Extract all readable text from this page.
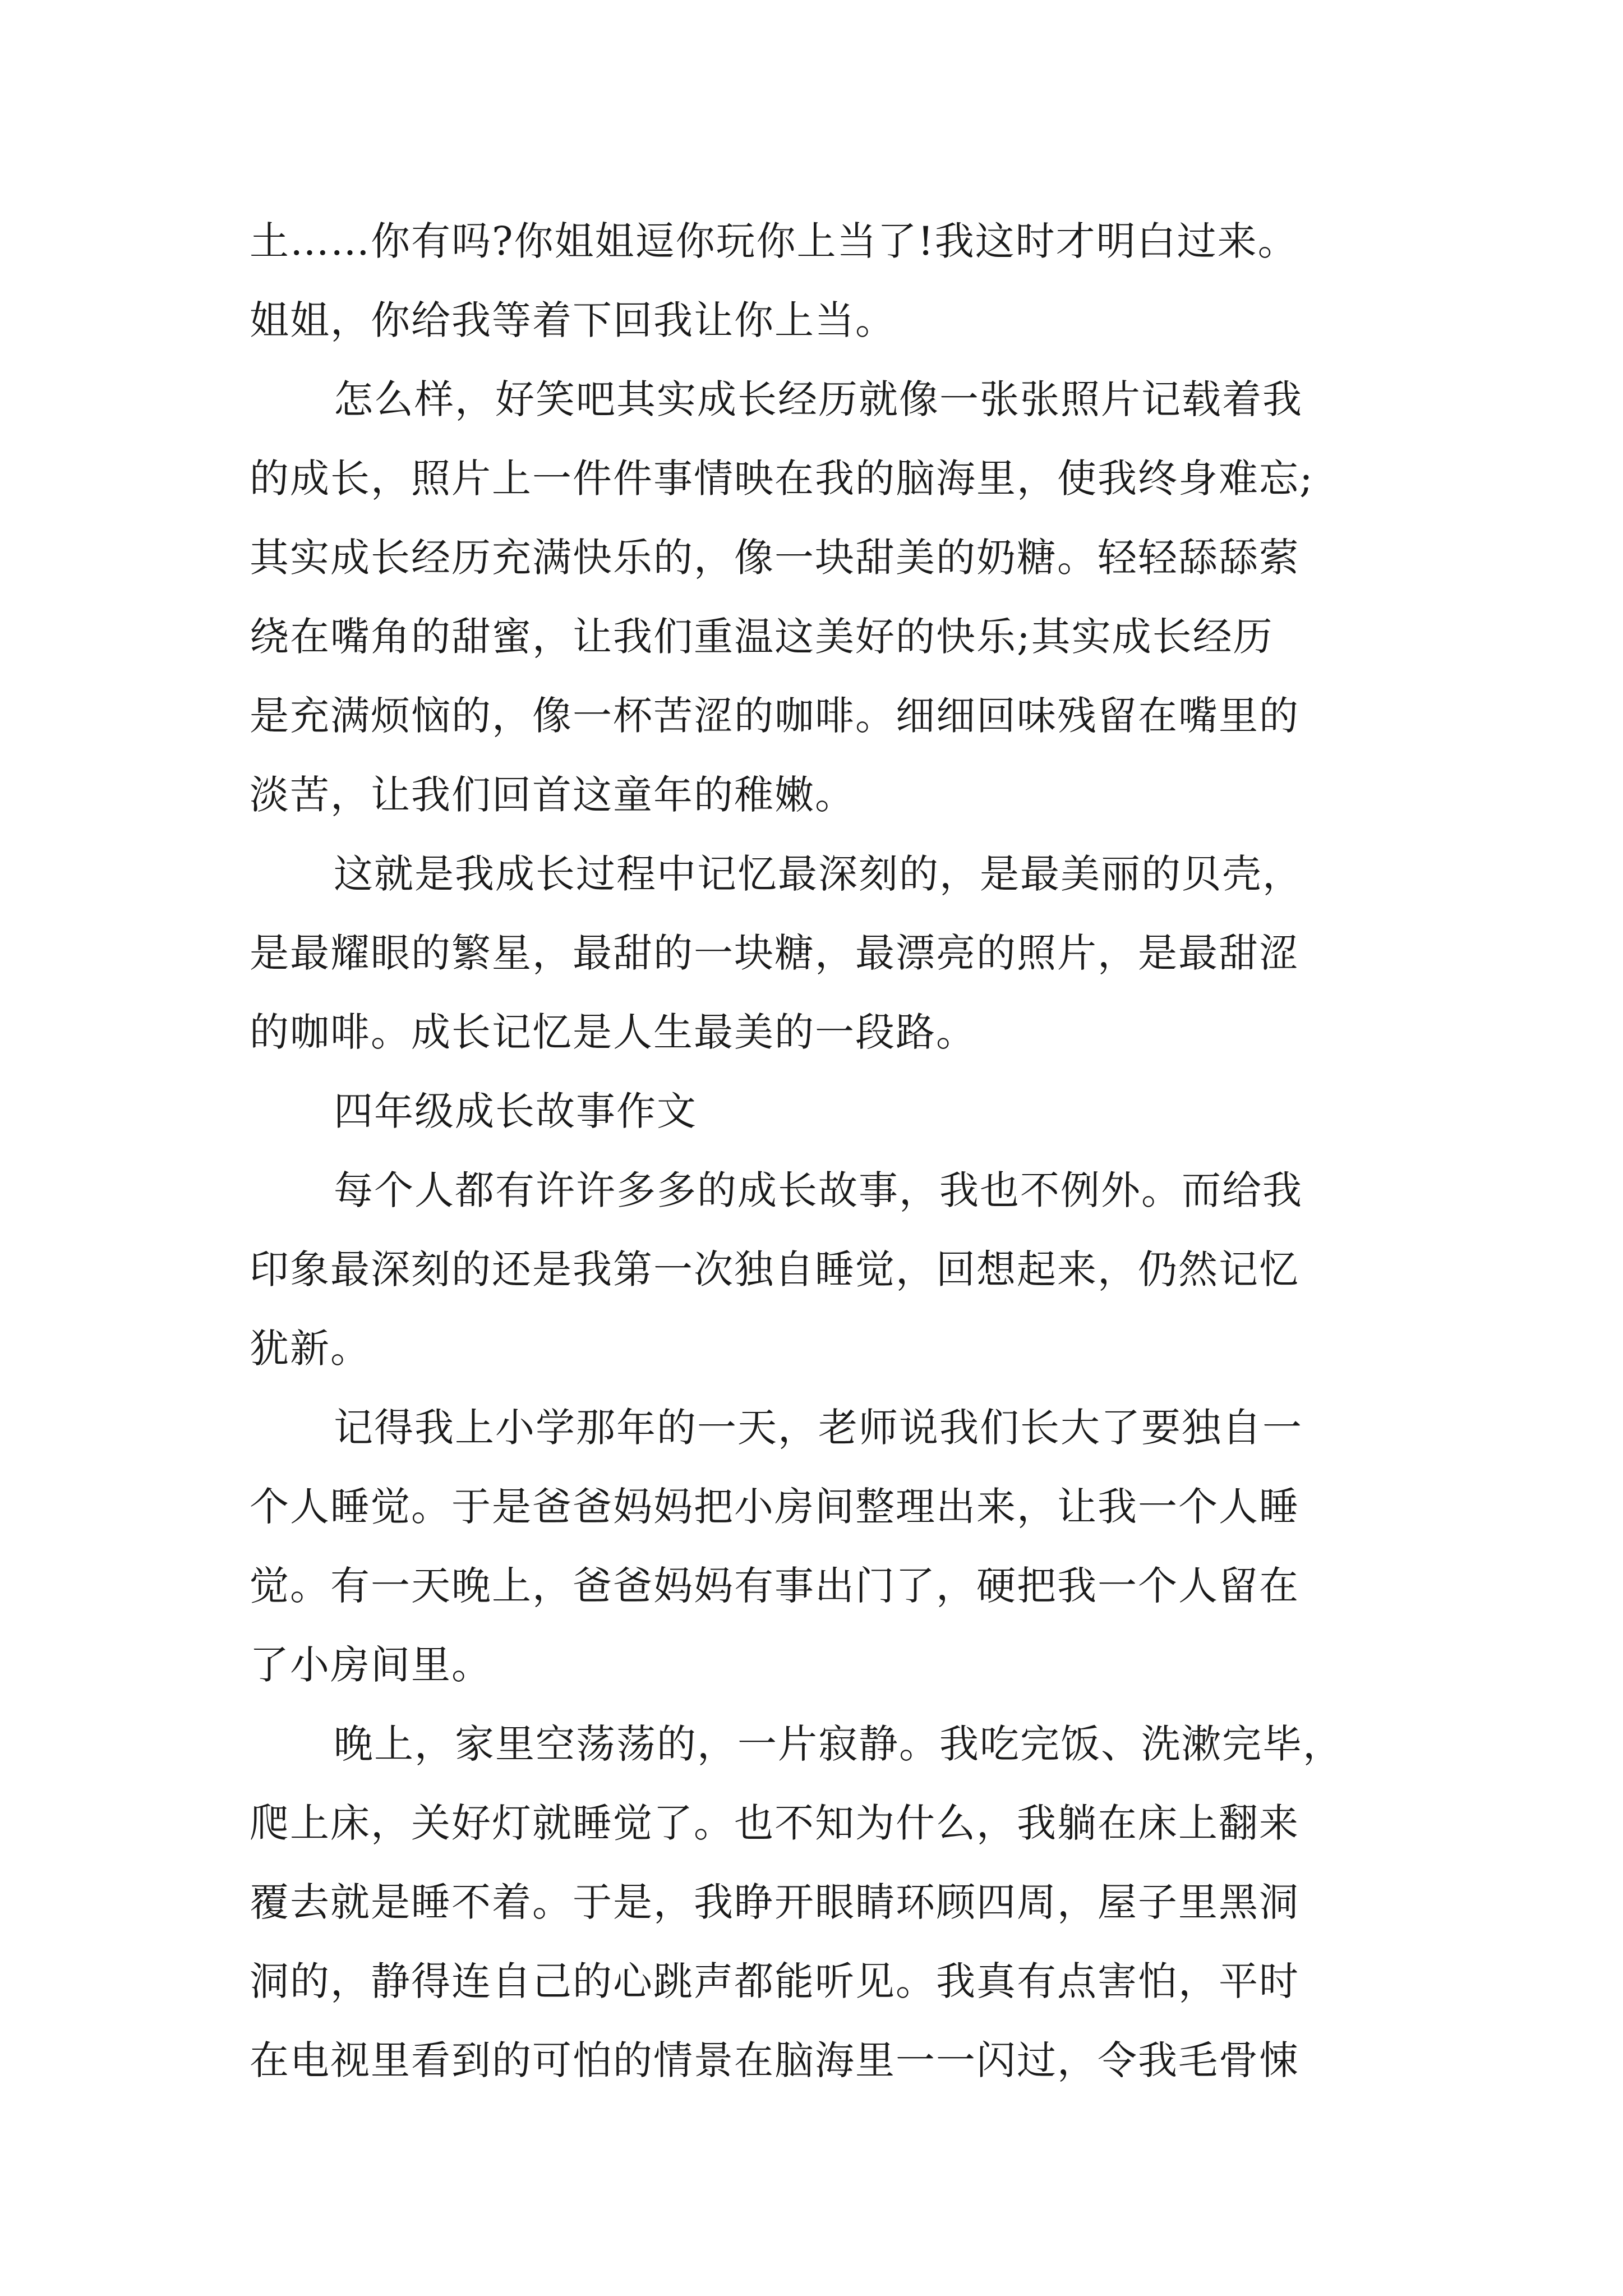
土……你有吗?你姐姐逗你玩你上当了!我这时才明白过来。
姐姐，你给我等着下回我让你上当。
怎么样，好笑吧其实成长经历就像一张张照片记载着我
的成长，照片上一件件事情映在我的脑海里，使我终身难忘;
其实成长经历充满快乐的，像一块甜美的奶糖。轻轻舔舔萦
绕在嘴角的甜蜜，让我们重温这美好的快乐;其实成长经历
是充满烦恼的，像一杯苦涩的咖啡。细细回味残留在嘴里的
淡苦，让我们回首这童年的稚嫩。
这就是我成长过程中记忆最深刻的，是最美丽的贝壳，
是最耀眼的繁星，最甜的一块糖，最漂亮的照片，是最甜涩
的咖啡。成长记忆是人生最美的一段路。
四年级成长故事作文
每个人都有许许多多的成长故事，我也不例外。而给我
印象最深刻的还是我第一次独自睡觉，回想起来，仍然记忆
犹新。
记得我上小学那年的一天，老师说我们长大了要独自一
个人睡觉。于是爸爸妈妈把小房间整理出来，让我一个人睡
觉。有一天晚上，爸爸妈妈有事出门了，硬把我一个人留在
了小房间里。
晚上，家里空荡荡的，一片寂静。我吃完饭、洗漱完毕，
爬上床，关好灯就睡觉了。也不知为什么，我躺在床上翻来
覆去就是睡不着。于是，我睁开眼睛环顾四周，屋子里黑洞
洞的，静得连自己的心跳声都能听见。我真有点害怕，平时
在电视里看到的可怕的情景在脑海里一一闪过，令我毛骨悚
